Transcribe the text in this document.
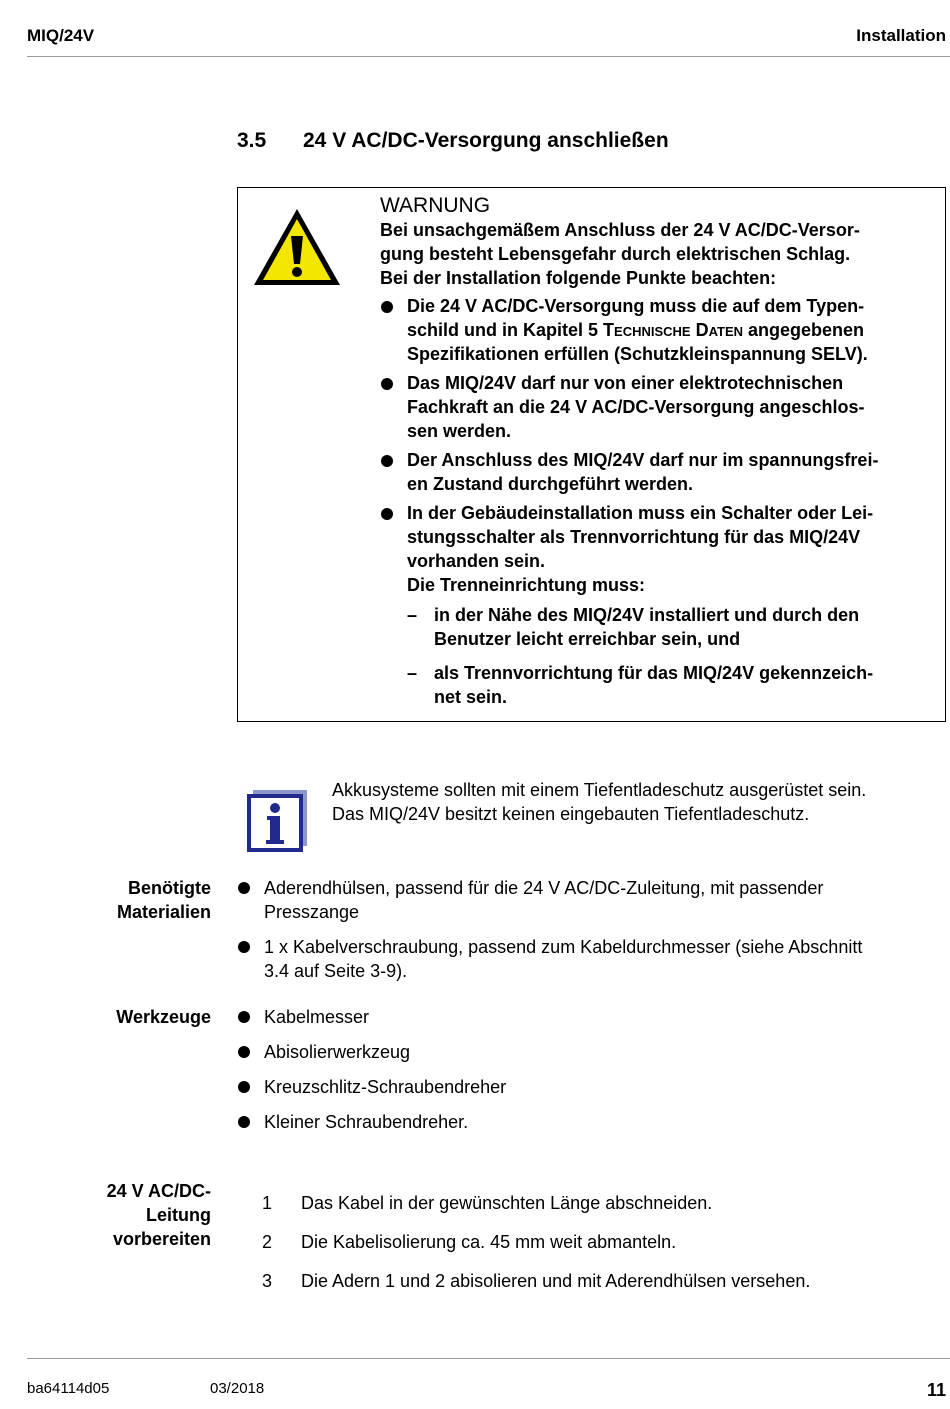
MIQ/24V	Installation
3.5 24 V AC/DC-Versorgung anschließen
WARNUNG
Bei unsachgemäßem Anschluss der 24 V AC/DC-Versor-
gung besteht Lebensgefahr durch elektrischen Schlag.
Bei der Installation folgende Punkte beachten:
Die 24 V AC/DC-Versorgung muss die auf dem Typen-
schild und in Kapitel 5 Technische Daten angegebenen
Spezifikationen erfüllen (Schutzkleinspannung SELV).
Das MIQ/24V darf nur von einer elektrotechnischen
Fachkraft an die 24 V AC/DC-Versorgung angeschlos-
sen werden.
Der Anschluss des MIQ/24V darf nur im spannungsfrei-
en Zustand durchgeführt werden.
In der Gebäudeinstallation muss ein Schalter oder Lei-
stungsschalter als Trennvorrichtung für das MIQ/24V
vorhanden sein.
Die Trenneinrichtung muss:
– in der Nähe des MIQ/24V installiert und durch den
Benutzer leicht erreichbar sein, und
– als Trennvorrichtung für das MIQ/24V gekennzeich-
net sein.
Akkusysteme sollten mit einem Tiefentladeschutz ausgerüstet sein.
Das MIQ/24V besitzt keinen eingebauten Tiefentladeschutz.
Benötigte
Materialien
Aderendhülsen, passend für die 24 V AC/DC-Zuleitung, mit passender
Presszange
1 x Kabelverschraubung, passend zum Kabeldurchmesser (siehe Abschnitt
3.4 auf Seite 3-9).
Werkzeuge	Kabelmesser
Abisolierwerkzeug
Kreuzschlitz-Schraubendreher
Kleiner Schraubendreher.
24 V AC/DC-
Leitung
vorbereiten
1 Das Kabel in der gewünschten Länge abschneiden.
2 Die Kabelisolierung ca. 45 mm weit abmanteln.
3 Die Adern 1 und 2 abisolieren und mit Aderendhülsen versehen.
ba64114d05	03/2018	11
